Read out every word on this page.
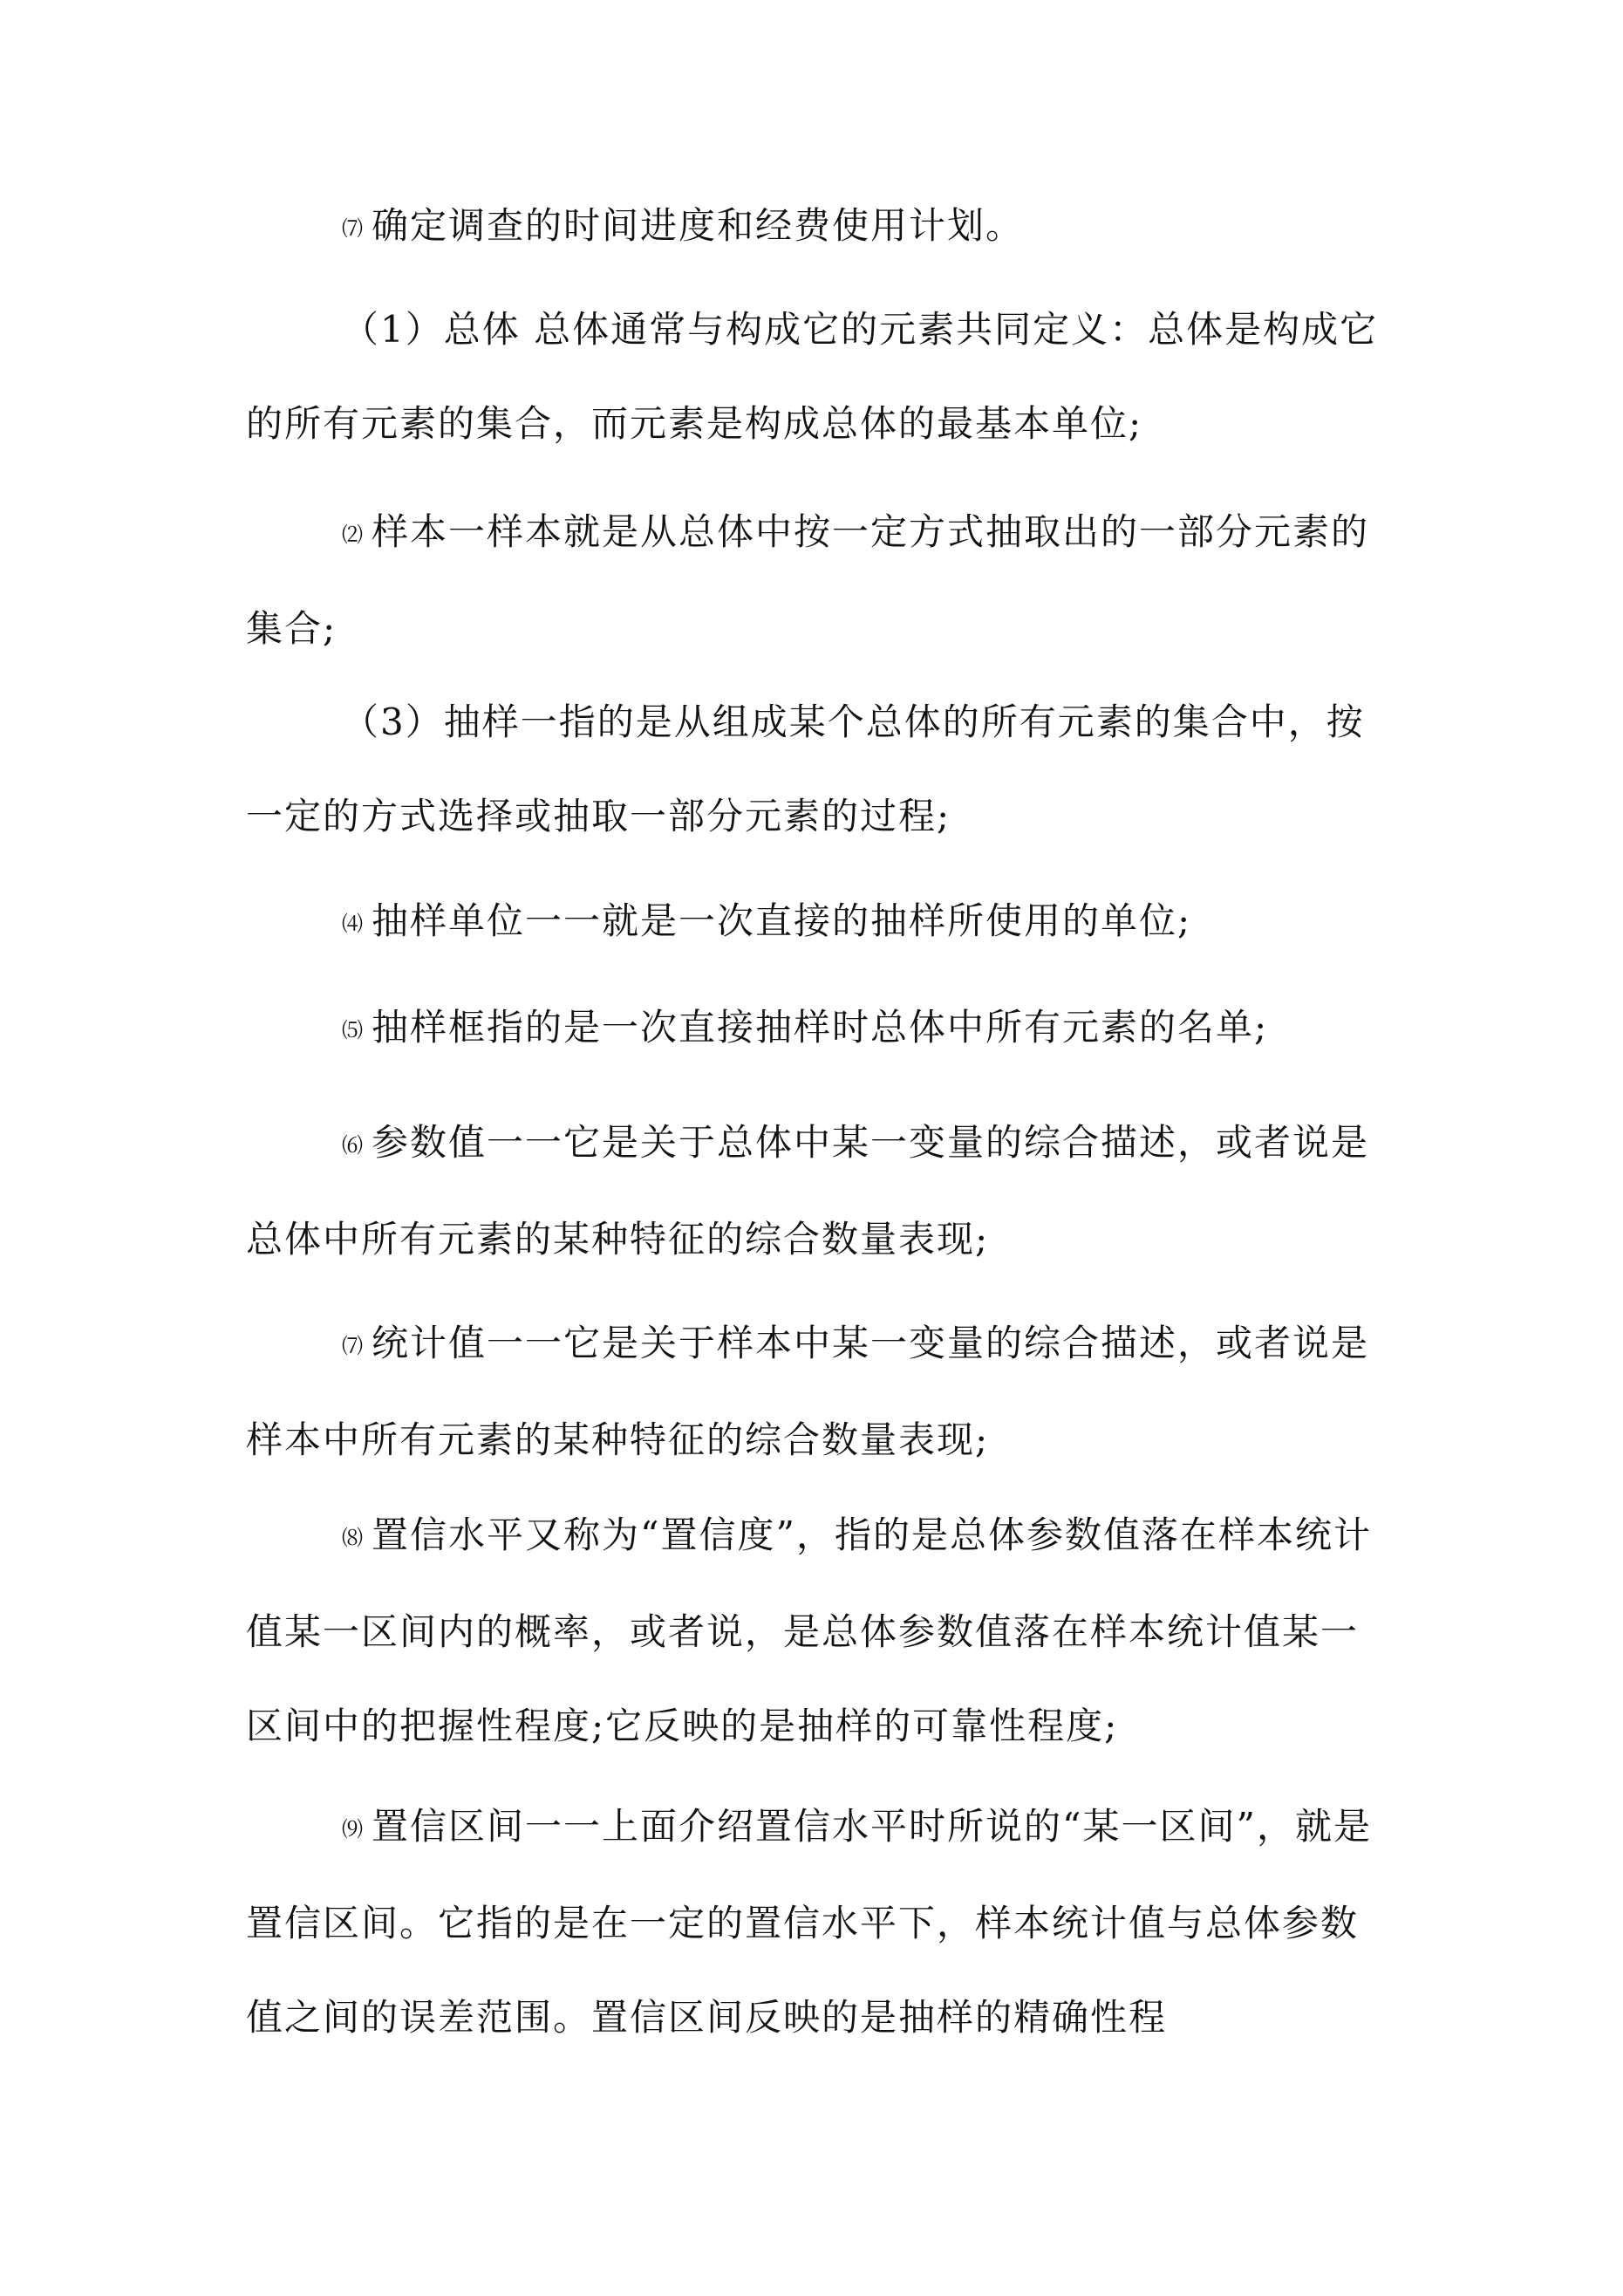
⑺ 确定调查的时间进度和经费使用计划。

（1）总体 总体通常与构成它的元素共同定义：总体是构成它的所有元素的集合，而元素是构成总体的最基本单位;

⑵ 样本一样本就是从总体中按一定方式抽取出的一部分元素的集合;

（3）抽样一指的是从组成某个总体的所有元素的集合中，按一定的方式选择或抽取一部分元素的过程;

⑷ 抽样单位一一就是一次直接的抽样所使用的单位;

⑸ 抽样框指的是一次直接抽样时总体中所有元素的名单;

⑹ 参数值一一它是关于总体中某一变量的综合描述，或者说是总体中所有元素的某种特征的综合数量表现;

⑺ 统计值一一它是关于样本中某一变量的综合描述，或者说是样本中所有元素的某种特征的综合数量表现;

⑻ 置信水平又称为“置信度”，指的是总体参数值落在样本统计值某一区间内的概率，或者说，是总体参数值落在样本统计值某一区间中的把握性程度;它反映的是抽样的可靠性程度;

⑼ 置信区间一一上面介绍置信水平时所说的“某一区间”，就是置信区间。它指的是在一定的置信水平下，样本统计值与总体参数值之间的误差范围。置信区间反映的是抽样的精确性程
